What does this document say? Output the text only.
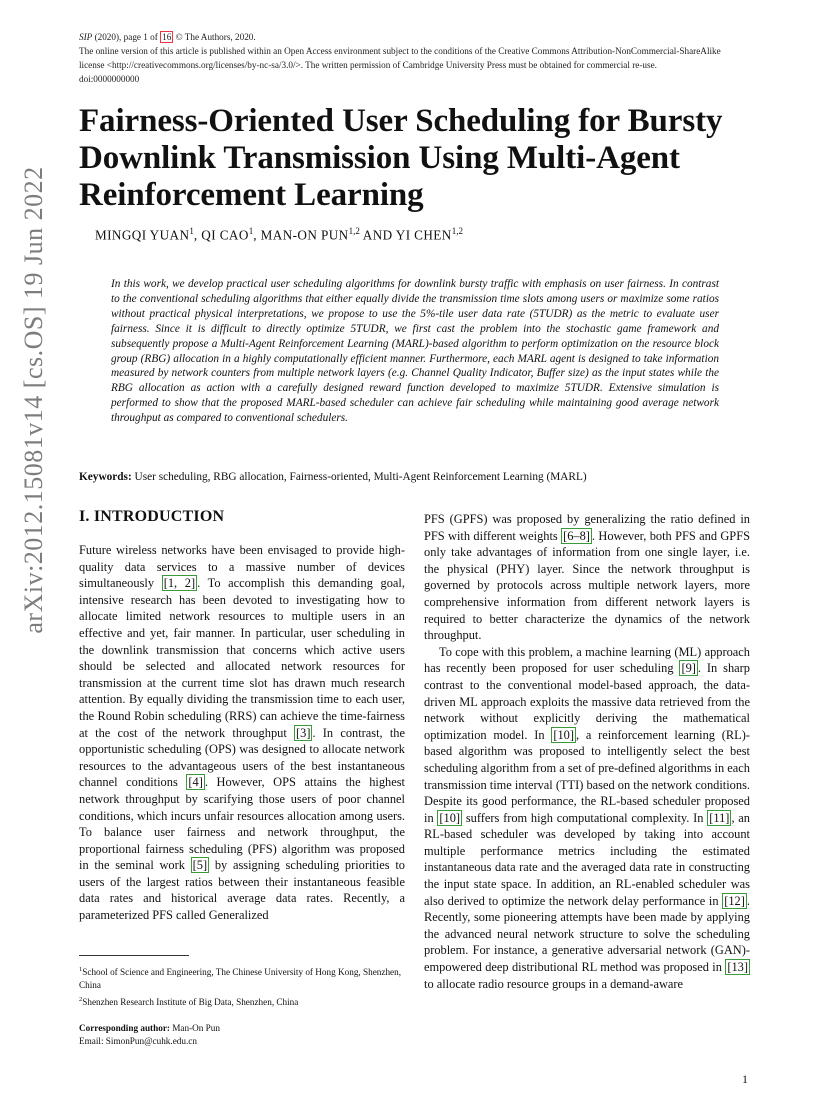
SIP (2020), page 1 of 16 © The Authors, 2020.
The online version of this article is published within an Open Access environment subject to the conditions of the Creative Commons Attribution-NonCommercial-ShareAlike
license <http://creativecommons.org/licenses/by-nc-sa/3.0/>. The written permission of Cambridge University Press must be obtained for commercial re-use.
doi:0000000000
arXiv:2012.15081v14 [cs.OS] 19 Jun 2022
Fairness-Oriented User Scheduling for Bursty Downlink Transmission Using Multi-Agent Reinforcement Learning
MINGQI YUAN$^1$, QI CAO$^1$, MAN-ON PUN$^{1,2}$ AND YI CHEN$^{1,2}$
In this work, we develop practical user scheduling algorithms for downlink bursty traffic with emphasis on user fairness. In contrast to the conventional scheduling algorithms that either equally divide the transmission time slots among users or maximize some ratios without practical physical interpretations, we propose to use the 5%-tile user data rate (5TUDR) as the metric to evaluate user fairness. Since it is difficult to directly optimize 5TUDR, we first cast the problem into the stochastic game framework and subsequently propose a Multi-Agent Reinforcement Learning (MARL)-based algorithm to perform optimization on the resource block group (RBG) allocation in a highly computationally efficient manner. Furthermore, each MARL agent is designed to take information measured by network counters from multiple network layers (e.g. Channel Quality Indicator, Buffer size) as the input states while the RBG allocation as action with a carefully designed reward function developed to maximize 5TUDR. Extensive simulation is performed to show that the proposed MARL-based scheduler can achieve fair scheduling while maintaining good average network throughput as compared to conventional schedulers.
Keywords: User scheduling, RBG allocation, Fairness-oriented, Multi-Agent Reinforcement Learning (MARL)
I. INTRODUCTION

Future wireless networks have been envisaged to provide high-quality data services to a massive number of devices simultaneously [1, 2] . To accomplish this demanding goal, intensive research has been devoted to investigating how to allocate limited network resources to multiple users in an effective and yet, fair manner. In particular, user scheduling in the downlink transmission that concerns which active users should be selected and allocated network resources for transmission at the current time slot has drawn much research attention. By equally dividing the transmission time to each user, the Round Robin scheduling (RRS) can achieve the time-fairness at the cost of the network throughput [3] . In contrast, the opportunistic scheduling (OPS) was designed to allocate network resources to the advantageous users of the best instantaneous channel conditions [4] . However, OPS attains the highest network throughput by scarifying those users of poor channel conditions, which incurs unfair resources allocation among users. To balance user fairness and network throughput, the proportional fairness scheduling (PFS) algorithm was proposed in the seminal work [5] by assigning scheduling priorities to users of the largest ratios between their instantaneous feasible data rates and historical average data rates. Recently, a parameterized PFS called Generalized

PFS (GPFS) was proposed by generalizing the ratio defined in PFS with different weights [6–8] . However, both PFS and GPFS only take advantages of information from one single layer, i.e. the physical (PHY) layer. Since the network throughput is governed by protocols across multiple network layers, more comprehensive information from different network layers is required to better characterize the dynamics of the network throughput.

To cope with this problem, a machine learning (ML) approach has recently been proposed for user scheduling [9] . In sharp contrast to the conventional model-based approach, the data-driven ML approach exploits the massive data retrieved from the network without explicitly deriving the mathematical optimization model. In [10] , a reinforcement learning (RL)-based algorithm was proposed to intelligently select the best scheduling algorithm from a set of pre-defined algorithms in each transmission time interval (TTI) based on the network conditions. Despite its good performance, the RL-based scheduler proposed in [10] suffers from high computational complexity. In [11] , an RL-based scheduler was developed by taking into account multiple performance metrics including the estimated instantaneous data rate and the averaged data rate in constructing the input state space. In addition, an RL-enabled scheduler was also derived to optimize the network delay performance in [12] . Recently, some pioneering attempts have been made by applying the advanced neural network structure to solve the scheduling problem. For instance, a generative adversarial network (GAN)-empowered deep distributional RL method was proposed in [13] to allocate radio resource groups in a demand-aware

$^1$School of Science and Engineering, The Chinese University of Hong Kong, Shenzhen, China

$^2$Shenzhen Research Institute of Big Data, Shenzhen, China

Corresponding author: Man-On Pun
Email: SimonPun@cuhk.edu.cn
1
